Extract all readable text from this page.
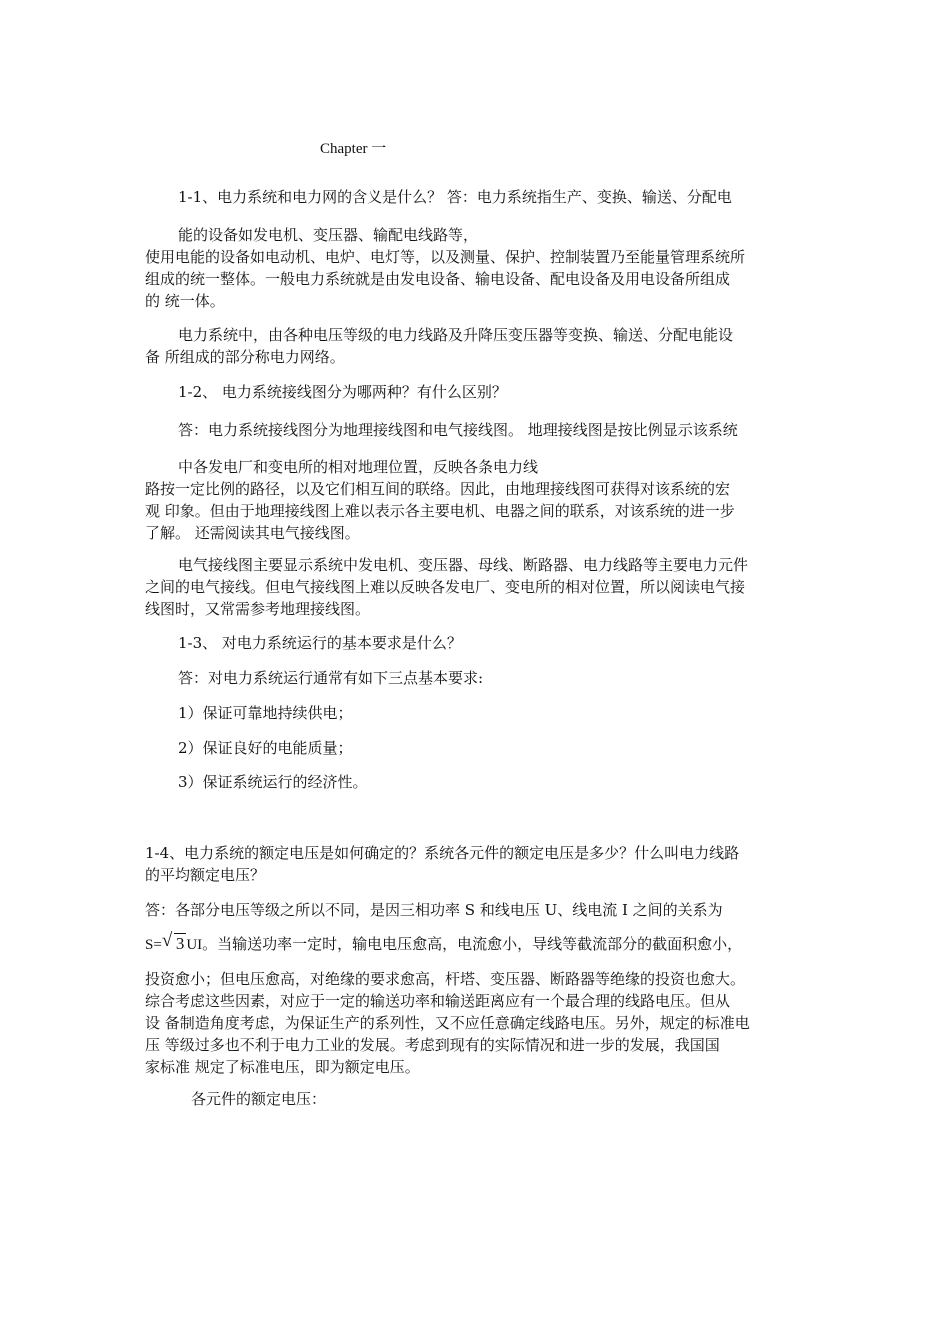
Chapter 一

1-1、电力系统和电力网的含义是什么？ 答：电力系统指生产、变换、输送、分配电

能的设备如发电机、变压器、输配电线路等，
使用电能的设备如电动机、电炉、电灯等，以及测量、保护、控制装置乃至能量管理系统所
组成的统一整体。一般电力系统就是由发电设备、输电设备、配电设备及用电设备所组成
的 统一体。

电力系统中，由各种电压等级的电力线路及升降压变压器等变换、输送、分配电能设
备 所组成的部分称电力网络。

1-2、 电力系统接线图分为哪两种？有什么区别？

答：电力系统接线图分为地理接线图和电气接线图。 地理接线图是按比例显示该系统

中各发电厂和变电所的相对地理位置，反映各条电力线
路按一定比例的路径，以及它们相互间的联络。因此，由地理接线图可获得对该系统的宏
观 印象。但由于地理接线图上难以表示各主要电机、电器之间的联系，对该系统的进一步
了解。 还需阅读其电气接线图。

电气接线图主要显示系统中发电机、变压器、母线、断路器、电力线路等主要电力元件
之间的电气接线。但电气接线图上难以反映各发电厂、变电所的相对位置，所以阅读电气接
线图时，又常需参考地理接线图。

1-3、 对电力系统运行的基本要求是什么？

答：对电力系统运行通常有如下三点基本要求:

1）保证可靠地持续供电；

2）保证良好的电能质量；

3）保证系统运行的经济性。

1-4、电力系统的额定电压是如何确定的？系统各元件的额定电压是多少？什么叫电力线路
的平均额定电压？

答：各部分电压等级之所以不同，是因三相功率 S 和线电压 U、线电流 I 之间的关系为

S= √ 3 UI。当输送功率一定时，输电电压愈高，电流愈小，导线等截流部分的截面积愈小，

投资愈小；但电压愈高，对绝缘的要求愈高，杆塔、变压器、断路器等绝缘的投资也愈大。
综合考虑这些因素，对应于一定的输送功率和输送距离应有一个最合理的线路电压。但从
设 备制造角度考虑，为保证生产的系列性，又不应任意确定线路电压。另外，规定的标准电
压 等级过多也不利于电力工业的发展。考虑到现有的实际情况和进一步的发展，我国国
家标准 规定了标准电压，即为额定电压。

各元件的额定电压：
